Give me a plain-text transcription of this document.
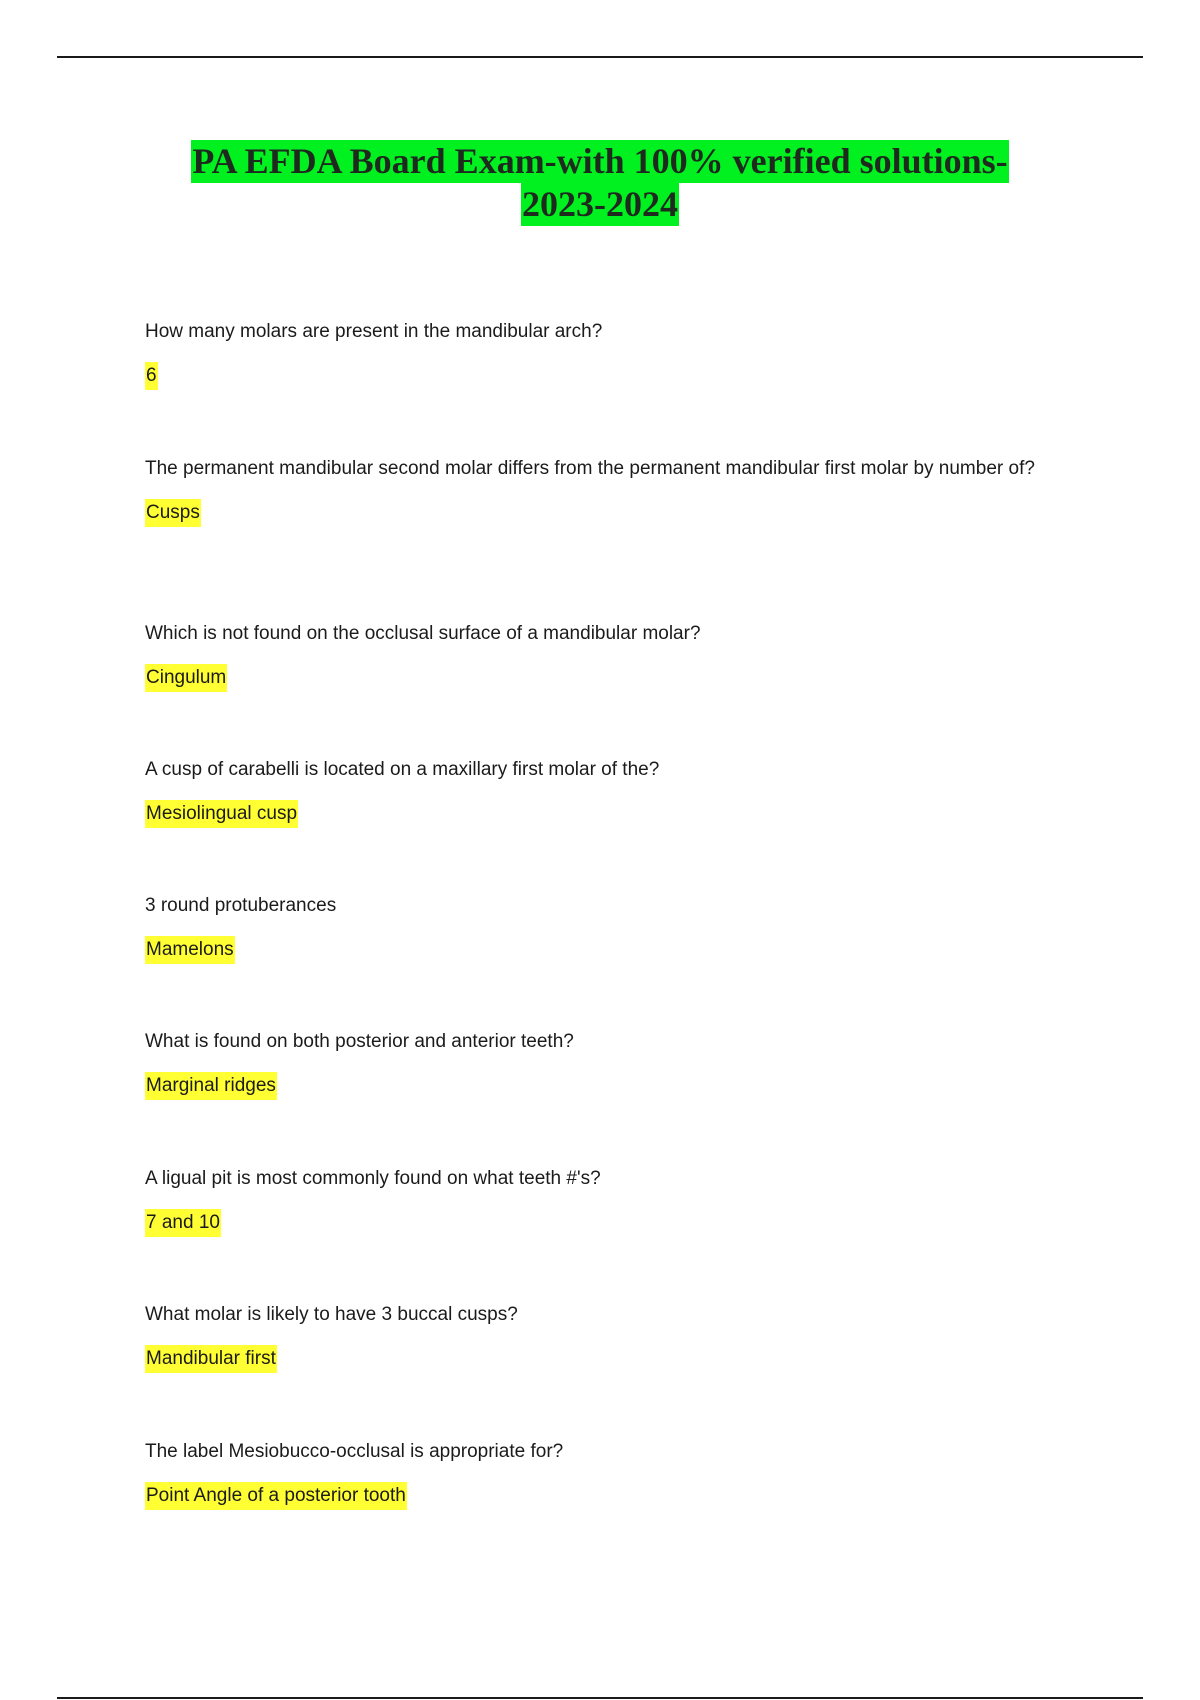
PA EFDA Board Exam-with 100% verified solutions-
2023-2024

How many molars are present in the mandibular arch?

6

The permanent mandibular second molar differs from the permanent mandibular first molar by number of?

Cusps

Which is not found on the occlusal surface of a mandibular molar?

Cingulum

A cusp of carabelli is located on a maxillary first molar of the?

Mesiolingual cusp

3 round protuberances

Mamelons

What is found on both posterior and anterior teeth?

Marginal ridges

A ligual pit is most commonly found on what teeth #'s?

7 and 10

What molar is likely to have 3 buccal cusps?

Mandibular first

The label Mesiobucco-occlusal is appropriate for?

Point Angle of a posterior tooth
